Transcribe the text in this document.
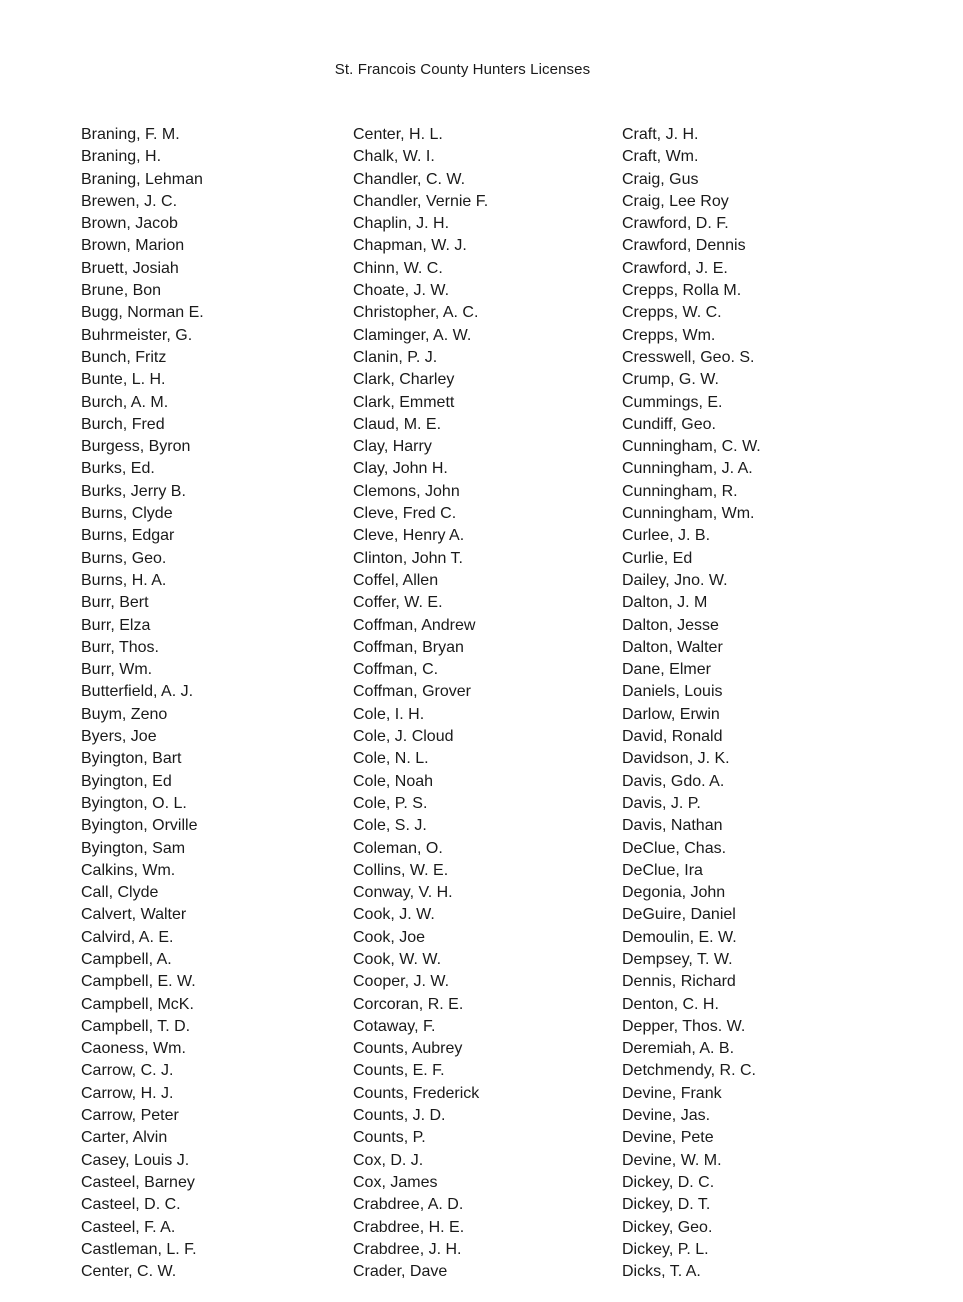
St. Francois County Hunters Licenses
Braning, F. M.
Braning, H.
Braning, Lehman
Brewen, J. C.
Brown, Jacob
Brown, Marion
Bruett, Josiah
Brune, Bon
Bugg, Norman E.
Buhrmeister, G.
Bunch, Fritz
Bunte, L. H.
Burch, A. M.
Burch, Fred
Burgess, Byron
Burks, Ed.
Burks, Jerry B.
Burns, Clyde
Burns, Edgar
Burns, Geo.
Burns, H. A.
Burr, Bert
Burr, Elza
Burr, Thos.
Burr, Wm.
Butterfield, A. J.
Buym, Zeno
Byers, Joe
Byington, Bart
Byington, Ed
Byington, O. L.
Byington, Orville
Byington, Sam
Calkins, Wm.
Call, Clyde
Calvert, Walter
Calvird, A. E.
Campbell, A.
Campbell, E. W.
Campbell, McK.
Campbell, T. D.
Caoness, Wm.
Carrow, C. J.
Carrow, H. J.
Carrow, Peter
Carter, Alvin
Casey, Louis J.
Casteel, Barney
Casteel, D. C.
Casteel, F. A.
Castleman, L. F.
Center, C. W.
Center, H. L.
Chalk, W. I.
Chandler, C. W.
Chandler, Vernie F.
Chaplin, J. H.
Chapman, W. J.
Chinn, W. C.
Choate, J. W.
Christopher, A. C.
Claminger, A. W.
Clanin, P. J.
Clark, Charley
Clark, Emmett
Claud, M. E.
Clay, Harry
Clay, John H.
Clemons, John
Cleve, Fred C.
Cleve, Henry A.
Clinton, John T.
Coffel, Allen
Coffer, W. E.
Coffman, Andrew
Coffman, Bryan
Coffman, C.
Coffman, Grover
Cole, I. H.
Cole, J. Cloud
Cole, N. L.
Cole, Noah
Cole, P. S.
Cole, S. J.
Coleman, O.
Collins, W. E.
Conway, V. H.
Cook, J. W.
Cook, Joe
Cook, W. W.
Cooper, J. W.
Corcoran, R. E.
Cotaway, F.
Counts, Aubrey
Counts, E. F.
Counts, Frederick
Counts, J. D.
Counts, P.
Cox, D. J.
Cox, James
Crabdree, A. D.
Crabdree, H. E.
Crabdree, J. H.
Crader, Dave
Craft, J. H.
Craft, Wm.
Craig, Gus
Craig, Lee Roy
Crawford, D. F.
Crawford, Dennis
Crawford, J. E.
Crepps, Rolla M.
Crepps, W. C.
Crepps, Wm.
Cresswell, Geo. S.
Crump, G. W.
Cummings, E.
Cundiff, Geo.
Cunningham, C. W.
Cunningham, J. A.
Cunningham, R.
Cunningham, Wm.
Curlee, J. B.
Curlie, Ed
Dailey, Jno. W.
Dalton, J. M
Dalton, Jesse
Dalton, Walter
Dane, Elmer
Daniels, Louis
Darlow, Erwin
David, Ronald
Davidson, J. K.
Davis, Gdo. A.
Davis, J. P.
Davis, Nathan
DeClue, Chas.
DeClue, Ira
Degonia, John
DeGuire, Daniel
Demoulin, E. W.
Dempsey, T. W.
Dennis, Richard
Denton, C. H.
Depper, Thos. W.
Deremiah, A. B.
Detchmendy, R. C.
Devine, Frank
Devine, Jas.
Devine, Pete
Devine, W. M.
Dickey, D. C.
Dickey, D. T.
Dickey, Geo.
Dickey, P. L.
Dicks, T. A.
